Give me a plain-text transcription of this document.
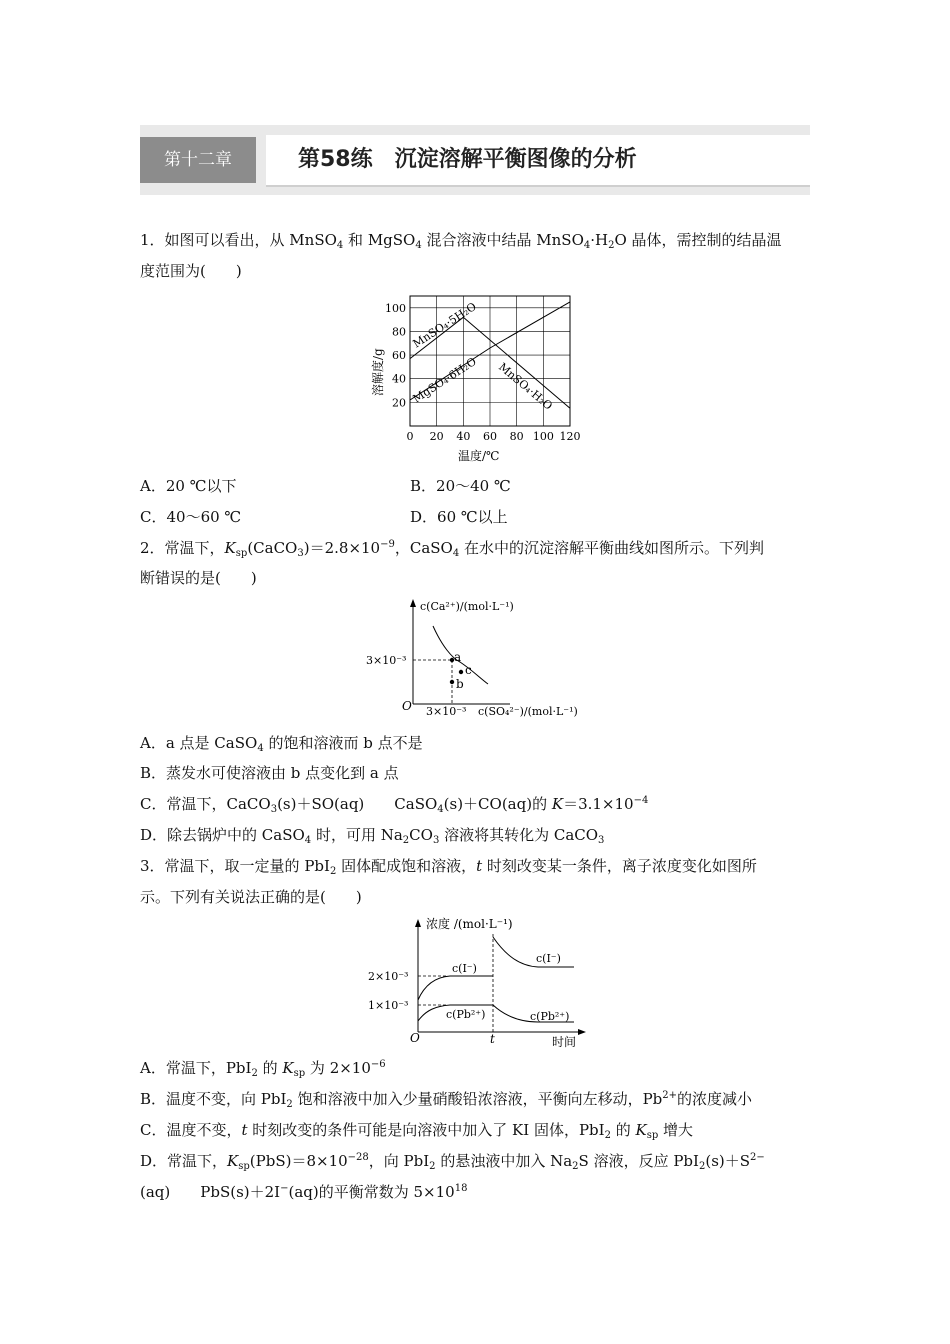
第十二章	第58练　沉淀溶解平衡图像的分析
1．如图可以看出，从 MnSO$_4$ 和 MgSO$_4$ 混合溶液中结晶 $MnSO_4\cdot H_2O$ 晶体，需控制的结晶温
度范围为(　　)
0 20 40 60 80 100 120
20
40
60
80
100 MnSO₄·5H₂O
MgSO₄·6H₂O MnSO₄·H₂O
溶解度/g
温度/℃
A．20 ℃以下	B．20～40 ℃
C．40～60 ℃	D．60 ℃以上
2．常温下，$K_{sp}(CaCO_3)=2.8\times 10^{-9}$，CaSO$_4$ 在水中的沉淀溶解平衡曲线如图所示。下列判
断错误的是(　　)
a
b
c
c(Ca²⁺)/(mol·L⁻¹)
3×10⁻³
O 3×10⁻³ c(SO₄²⁻)/(mol·L⁻¹)
A．a 点是 CaSO$_4$ 的饱和溶液而 b 点不是
B．蒸发水可使溶液由 b 点变化到 a 点
C．常温下，CaCO$_3$(s)＋SO(aq)　　CaSO$_4$(s)＋CO(aq)的 $K=3.1\times 10^{-4}$
D．除去锅炉中的 CaSO$_4$ 时，可用 $Na_2CO_3$ 溶液将其转化为 CaCO$_3$
3．常温下，取一定量的 PbI$_2$ 固体配成饱和溶液，t 时刻改变某一条件，离子浓度变化如图所
示。下列有关说法正确的是(　　)
浓度 /(mol·L⁻¹)
2×10⁻³
1×10⁻³
c(I⁻)
c(Pb²⁺)
c(I⁻)
c(Pb²⁺)
O	t	时间
A．常温下，PbI$_2$ 的 $K_{sp}$ 为 $2\times 10^{-6}$
B．温度不变，向 PbI$_2$ 饱和溶液中加入少量硝酸铅浓溶液，平衡向左移动，$Pb^{2+}$的浓度减小
C．温度不变，t 时刻改变的条件可能是向溶液中加入了 KI 固体，PbI$_2$ 的 $K_{sp}$ 增大
D．常温下，$K_{sp}(PbS)=8\times 10^{-28}$，向 PbI$_2$ 的悬浊液中加入 $Na_2S$ 溶液，反应 $PbI_2(s)+S^{2-}$
(aq)　　PbS(s)＋2I−(aq)的平衡常数为 $5\times 10^{18}$
